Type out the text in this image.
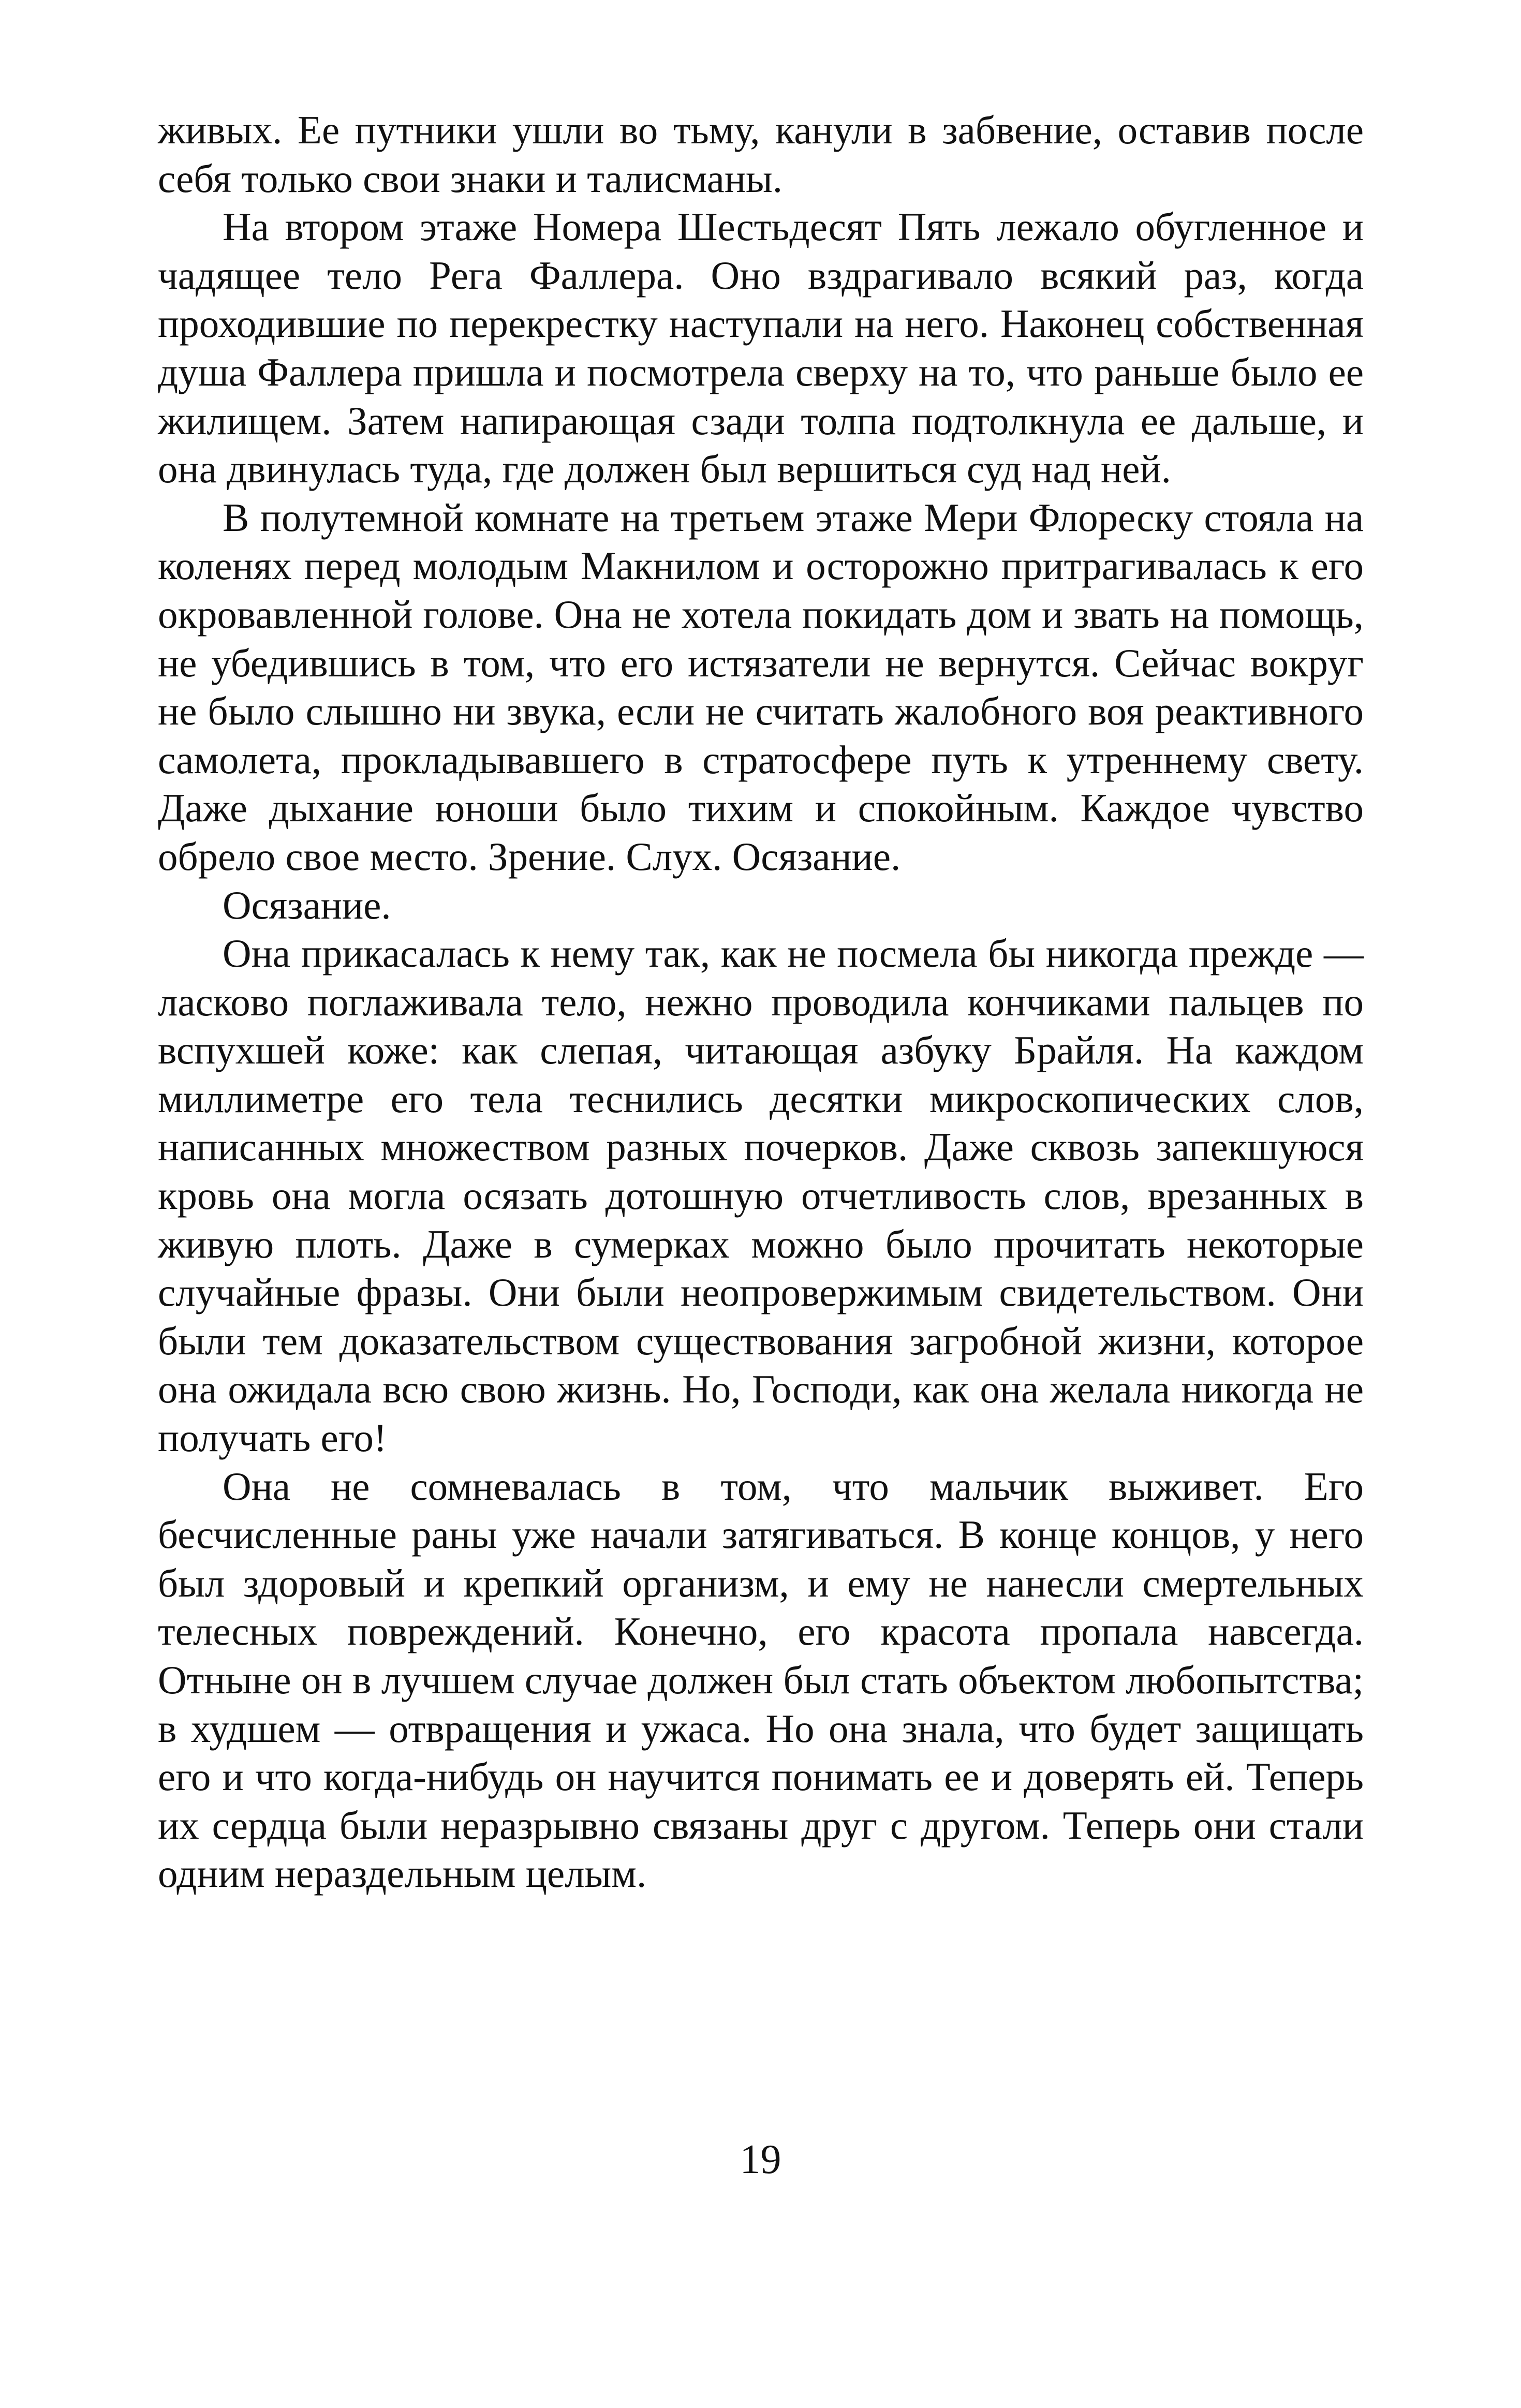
живых. Ее путники ушли во тьму, канули в забвение, оставив после себя только свои знаки и талисманы.

На втором этаже Номера Шестьдесят Пять лежало обугленное и чадящее тело Рега Фаллера. Оно вздрагивало всякий раз, когда проходившие по перекрестку наступали на него. Наконец собственная душа Фаллера пришла и посмотрела сверху на то, что раньше было ее жилищем. Затем напирающая сзади толпа подтолкнула ее дальше, и она двинулась туда, где должен был вершиться суд над ней.

В полутемной комнате на третьем этаже Мери Флореску стояла на коленях перед молодым Макнилом и осторожно притрагивалась к его окровавленной голове. Она не хотела покидать дом и звать на помощь, не убедившись в том, что его истязатели не вернутся. Сейчас вокруг не было слышно ни звука, если не считать жалобного воя реактивного самолета, прокладывавшего в стратосфере путь к утреннему свету. Даже дыхание юноши было тихим и спокойным. Каждое чувство обрело свое место. Зрение. Слух. Осязание.

Осязание.

Она прикасалась к нему так, как не посмела бы никогда прежде — ласково поглаживала тело, нежно проводила кончиками пальцев по вспухшей коже: как слепая, читающая азбуку Брайля. На каждом миллиметре его тела теснились десятки микроскопических слов, написанных множеством разных почерков. Даже сквозь запекшуюся кровь она могла осязать дотошную отчетливость слов, врезанных в живую плоть. Даже в сумерках можно было прочитать некоторые случайные фразы. Они были неопровержимым свидетельством. Они были тем доказательством существования загробной жизни, которое она ожидала всю свою жизнь. Но, Господи, как она желала никогда не получать его!

Она не сомневалась в том, что мальчик выживет. Его бесчисленные раны уже начали затягиваться. В конце концов, у него был здоровый и крепкий организм, и ему не нанесли смертельных телесных повреждений. Конечно, его красота пропала навсегда. Отныне он в лучшем случае должен был стать объектом любопытства; в худшем — отвращения и ужаса. Но она знала, что будет защищать его и что когда-нибудь он научится понимать ее и доверять ей. Теперь их сердца были неразрывно связаны друг с другом. Теперь они стали одним нераздельным целым.

19
